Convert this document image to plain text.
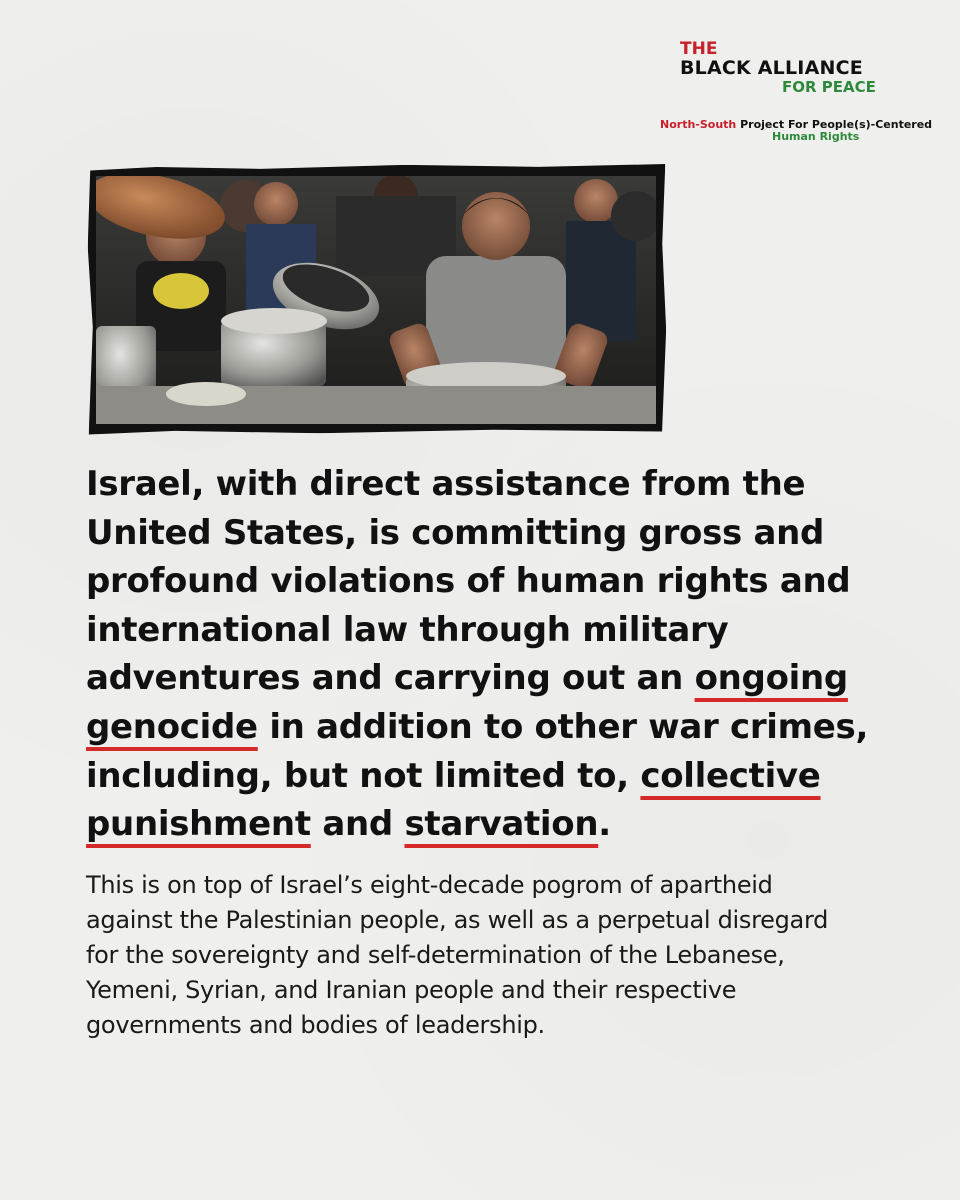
THE
BLACK ALLIANCE
FOR PEACE
North-South Project For People(s)-Centered
Human Rights

Israel, with direct assistance from the United States, is committing gross and profound violations of human rights and international law through military adventures and carrying out an ongoing genocide in addition to other war crimes, including, but not limited to, collective punishment and starvation.

This is on top of Israel’s eight-decade pogrom of apartheid against the Palestinian people, as well as a perpetual disregard for the sovereignty and self-determination of the Lebanese, Yemeni, Syrian, and Iranian people and their respective governments and bodies of leadership.
